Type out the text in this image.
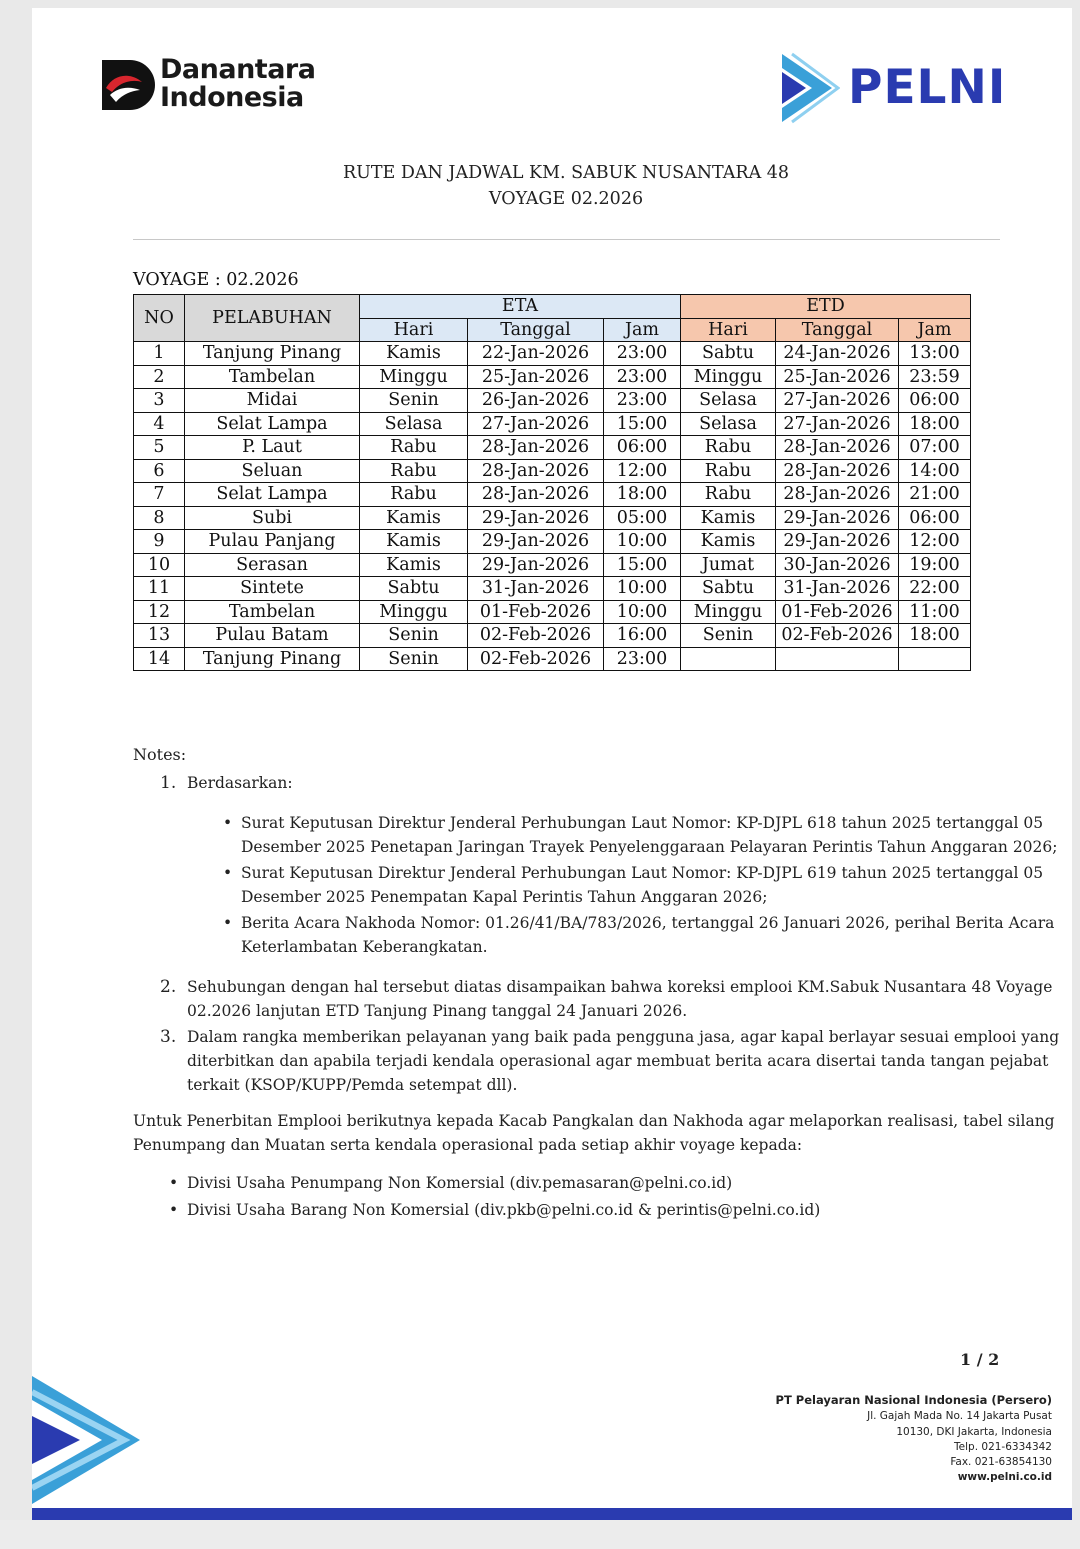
Danantara
Indonesia	PELNI
RUTE DAN JADWAL KM. SABUK NUSANTARA 48
VOYAGE 02.2026
VOYAGE : 02.2026
NO	PELABUHAN	ETA			ETD		
		Hari	Tanggal	Jam	Hari	Tanggal	Jam
1	Tanjung Pinang	Kamis	22-Jan-2026	23:00	Sabtu	24-Jan-2026	13:00
2	Tambelan	Minggu	25-Jan-2026	23:00	Minggu	25-Jan-2026	23:59
3	Midai	Senin	26-Jan-2026	23:00	Selasa	27-Jan-2026	06:00
4	Selat Lampa	Selasa	27-Jan-2026	15:00	Selasa	27-Jan-2026	18:00
5	P. Laut	Rabu	28-Jan-2026	06:00	Rabu	28-Jan-2026	07:00
6	Seluan	Rabu	28-Jan-2026	12:00	Rabu	28-Jan-2026	14:00
7	Selat Lampa	Rabu	28-Jan-2026	18:00	Rabu	28-Jan-2026	21:00
8	Subi	Kamis	29-Jan-2026	05:00	Kamis	29-Jan-2026	06:00
9	Pulau Panjang	Kamis	29-Jan-2026	10:00	Kamis	29-Jan-2026	12:00
10	Serasan	Kamis	29-Jan-2026	15:00	Jumat	30-Jan-2026	19:00
11	Sintete	Sabtu	31-Jan-2026	10:00	Sabtu	31-Jan-2026	22:00
12	Tambelan	Minggu	01-Feb-2026	10:00	Minggu	01-Feb-2026	11:00
13	Pulau Batam	Senin	02-Feb-2026	16:00	Senin	02-Feb-2026	18:00
14	Tanjung Pinang	Senin	02-Feb-2026	23:00			
Notes:
1. Berdasarkan:
• Surat Keputusan Direktur Jenderal Perhubungan Laut Nomor: KP-DJPL 618 tahun 2025 tertanggal 05
Desember 2025 Penetapan Jaringan Trayek Penyelenggaraan Pelayaran Perintis Tahun Anggaran 2026;
• Surat Keputusan Direktur Jenderal Perhubungan Laut Nomor: KP-DJPL 619 tahun 2025 tertanggal 05
Desember 2025 Penempatan Kapal Perintis Tahun Anggaran 2026;
• Berita Acara Nakhoda Nomor: 01.26/41/BA/783/2026, tertanggal 26 Januari 2026, perihal Berita Acara
Keterlambatan Keberangkatan.
2. Sehubungan dengan hal tersebut diatas disampaikan bahwa koreksi emplooi KM.Sabuk Nusantara 48 Voyage
02.2026 lanjutan ETD Tanjung Pinang tanggal 24 Januari 2026.
3. Dalam rangka memberikan pelayanan yang baik pada pengguna jasa, agar kapal berlayar sesuai emplooi yang
diterbitkan dan apabila terjadi kendala operasional agar membuat berita acara disertai tanda tangan pejabat
terkait (KSOP/KUPP/Pemda setempat dll).
Untuk Penerbitan Emplooi berikutnya kepada Kacab Pangkalan dan Nakhoda agar melaporkan realisasi, tabel silang
Penumpang dan Muatan serta kendala operasional pada setiap akhir voyage kepada:
• Divisi Usaha Penumpang Non Komersial (div.pemasaran@pelni.co.id)
• Divisi Usaha Barang Non Komersial (div.pkb@pelni.co.id & perintis@pelni.co.id)
1 / 2
PT Pelayaran Nasional Indonesia (Persero)
Jl. Gajah Mada No. 14 Jakarta Pusat
10130, DKI Jakarta, Indonesia
Telp. 021-6334342
Fax. 021-63854130
www.pelni.co.id
